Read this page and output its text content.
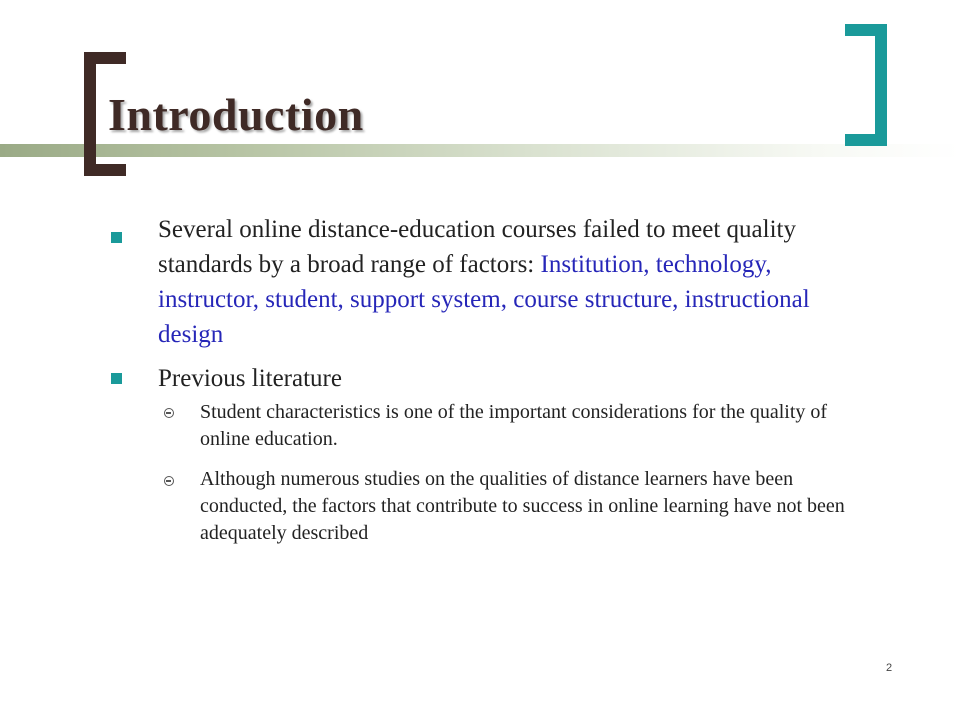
Introduction
Several online distance-education courses failed to meet quality standards by a broad range of factors: Institution, technology, instructor, student, support system, course structure, instructional design
Previous literature
Student characteristics is one of the important considerations for the quality of online education.
Although numerous studies on the qualities of distance learners have been conducted, the factors that contribute to success in online learning have not been adequately described
2
